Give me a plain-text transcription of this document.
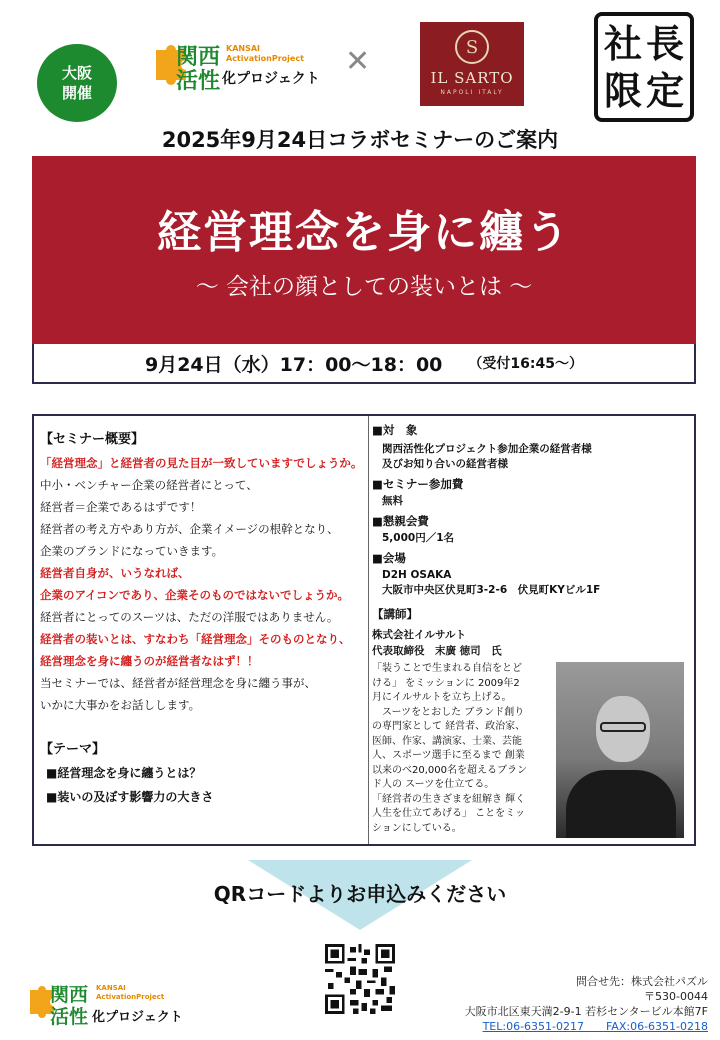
大阪
開催
関西
活性 化プロジェクト
KANSAI
ActivationProject ✕	S
IL SARTO
NAPOLI ITALY
社 長
限 定
2025年9月24日コラボセミナーのご案内
経営理念を身に纏う
～ 会社の顔としての装いとは ～
9月24日（水）17：00～18：00 （受付16:45～）
【セミナー概要】
「経営理念」と経営者の見た目が一致していますでしょうか。
中小・ベンチャー企業の経営者にとって、
経営者＝企業であるはずです！
経営者の考え方やあり方が、企業イメージの根幹となり、
企業のブランドになっていきます。
経営者自身が、いうなれば、
企業のアイコンであり、企業そのものではないでしょうか。
経営者にとってのスーツは、ただの洋服ではありません。
経営者の装いとは、すなわち「経営理念」そのものとなり、
経営理念を身に纏うのが経営者なはず！！
当セミナーでは、経営者が経営理念を身に纏う事が、
いかに大事かをお話しします。
【テーマ】
■経営理念を身に纏うとは？
■装いの及ぼす影響力の大きさ
■対　象
関西活性化プロジェクト参加企業の経営者様
及びお知り合いの経営者様
■セミナー参加費
無料
■懇親会費
5,000円／1名
■会場
D2H OSAKA
大阪市中央区伏見町3-2-6　伏見町KYビル1F
【講師】
株式会社イルサルト
代表取締役　末廣 徳司　氏
「装うことで生まれる自信をとど
ける」 をミッションに 2009年2
月にイルサルトを立ち上げる。
　スーツをとおした ブランド創り
の専門家として 経営者、政治家、
医師、作家、講演家、士業、芸能
人、スポーツ選手に至るまで 創業
以来のべ20,000名を超えるブラン
ド人の スーツを仕立てる。
「経営者の生きざまを紐解き 輝く
人生を仕立てあげる」 ことをミッ
ションにしている。
QRコードよりお申込みください
関西
活性 化プロジェクト
KANSAI
ActivationProject
問合せ先：株式会社パズル
〒530-0044
大阪市北区東天満2-9-1 若杉センタービル本館7F
TEL:06-6351-0217　　FAX:06-6351-0218
